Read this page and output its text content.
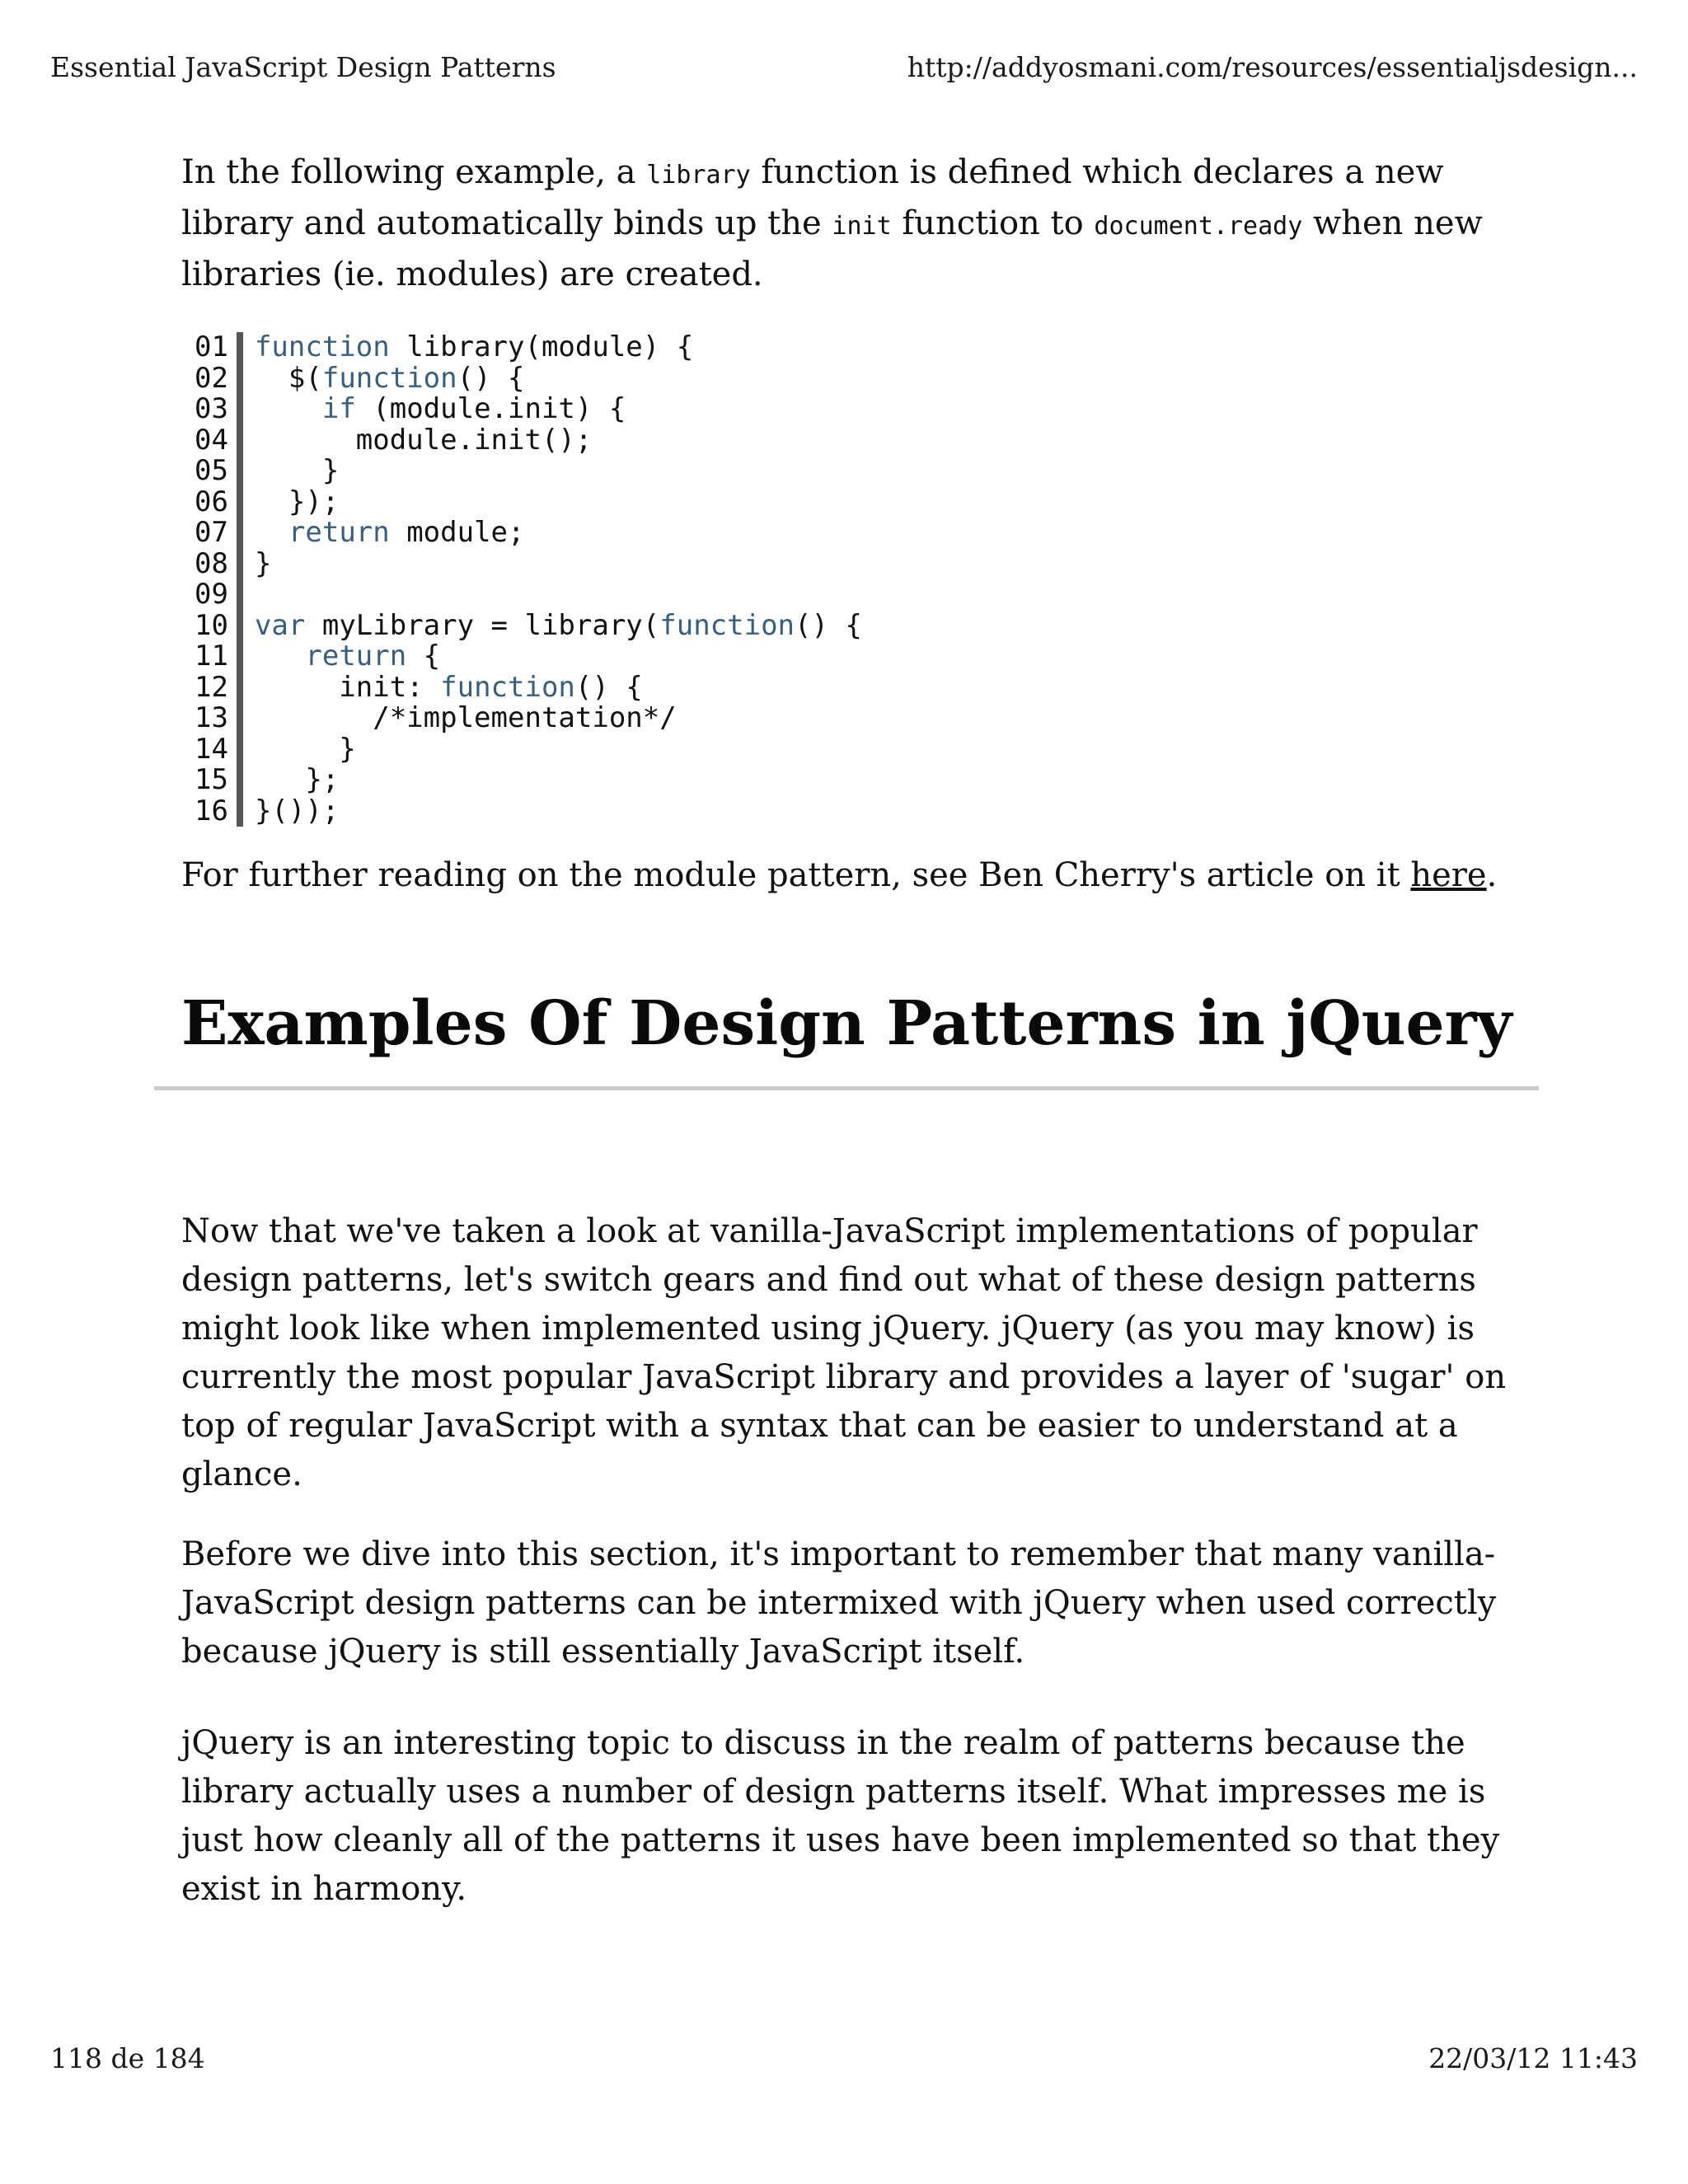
Essential JavaScript Design Patterns	http://addyosmani.com/resources/essentialjsdesign...

In the following example, a library function is defined which declares a new library and automatically binds up the init function to document.ready when new libraries (ie. modules) are created.

01
02
03
04
05
06
07
08
09
10
11
12
13
14
15
16
function library(module) {
$(function() {
if (module.init) {
module.init();
}
});
return module;
}
var myLibrary = library(function() {
return {
init: function() {
/*implementation*/
}
};
}());

For further reading on the module pattern, see Ben Cherry's article on it here.

Examples Of Design Patterns in jQuery

Now that we've taken a look at vanilla-JavaScript implementations of popular design patterns, let's switch gears and find out what of these design patterns might look like when implemented using jQuery. jQuery (as you may know) is currently the most popular JavaScript library and provides a layer of 'sugar' on top of regular JavaScript with a syntax that can be easier to understand at a glance.

Before we dive into this section, it's important to remember that many vanilla-JavaScript design patterns can be intermixed with jQuery when used correctly because jQuery is still essentially JavaScript itself.

jQuery is an interesting topic to discuss in the realm of patterns because the library actually uses a number of design patterns itself. What impresses me is just how cleanly all of the patterns it uses have been implemented so that they exist in harmony.

118 de 184	22/03/12 11:43
